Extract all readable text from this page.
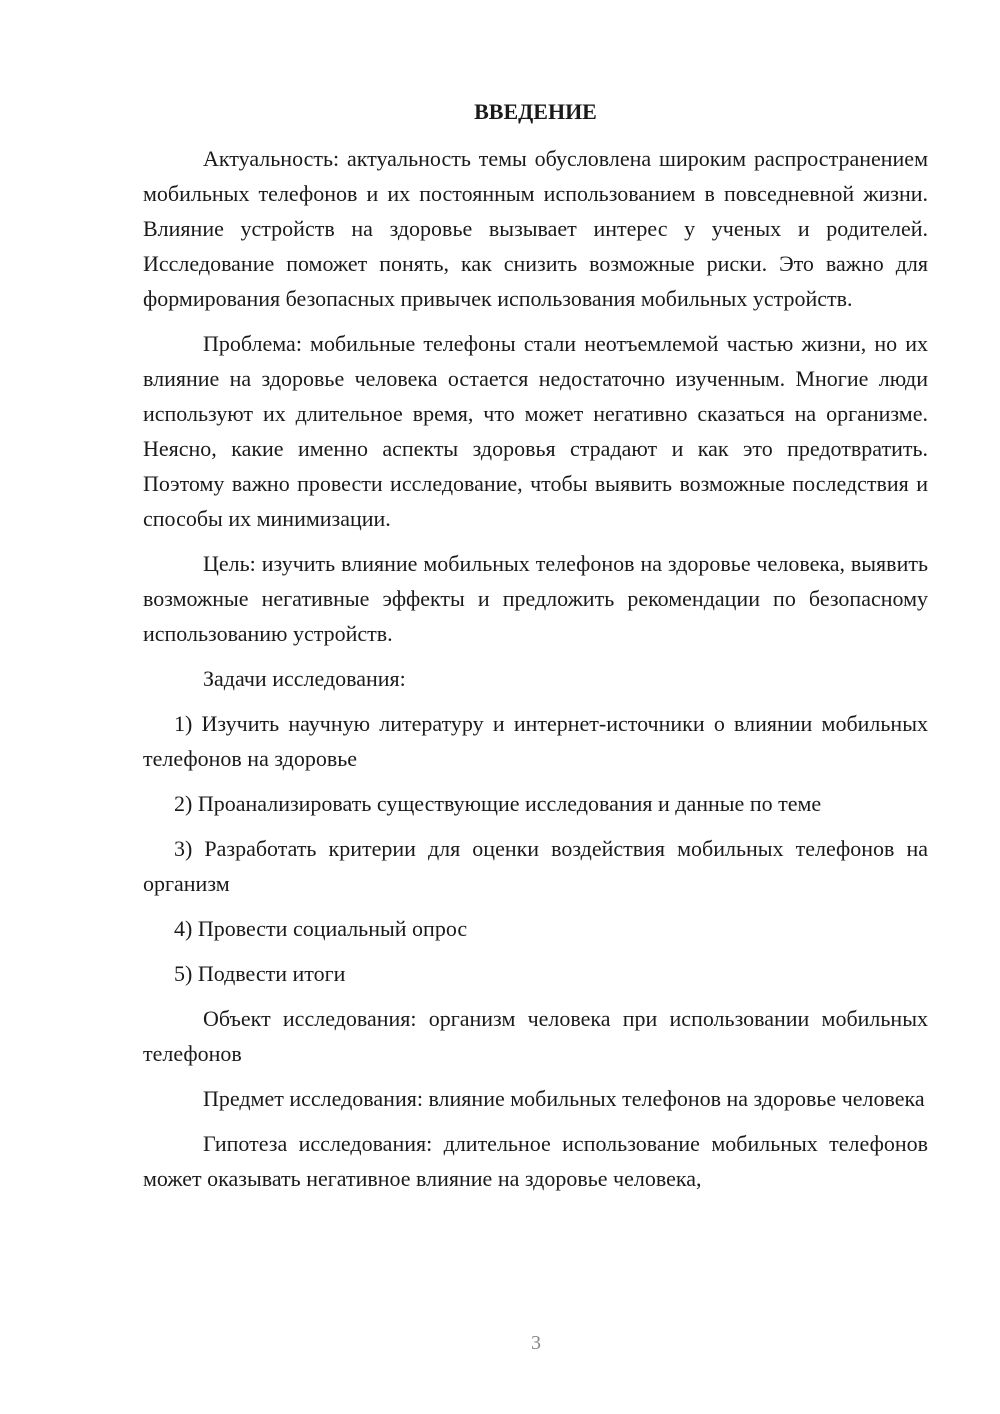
ВВЕДЕНИЕ

Актуальность: актуальность темы обусловлена широким распространением мобильных телефонов и их постоянным использованием в повседневной жизни. Влияние устройств на здоровье вызывает интерес у ученых и родителей. Исследование поможет понять, как снизить возможные риски. Это важно для формирования безопасных привычек использования мобильных устройств.

Проблема: мобильные телефоны стали неотъемлемой частью жизни, но их влияние на здоровье человека остается недостаточно изученным. Многие люди используют их длительное время, что может негативно сказаться на организме. Неясно, какие именно аспекты здоровья страдают и как это предотвратить. Поэтому важно провести исследование, чтобы выявить возможные последствия и способы их минимизации.

Цель: изучить влияние мобильных телефонов на здоровье человека, выявить возможные негативные эффекты и предложить рекомендации по безопасному использованию устройств.

Задачи исследования:

1) Изучить научную литературу и интернет-источники о влиянии мобильных телефонов на здоровье

2) Проанализировать существующие исследования и данные по теме

3) Разработать критерии для оценки воздействия мобильных телефонов на организм

4) Провести социальный опрос

5) Подвести итоги

Объект исследования: организм человека при использовании мобильных телефонов

Предмет исследования: влияние мобильных телефонов на здоровье человека

Гипотеза исследования: длительное использование мобильных телефонов может оказывать негативное влияние на здоровье человека,

3
